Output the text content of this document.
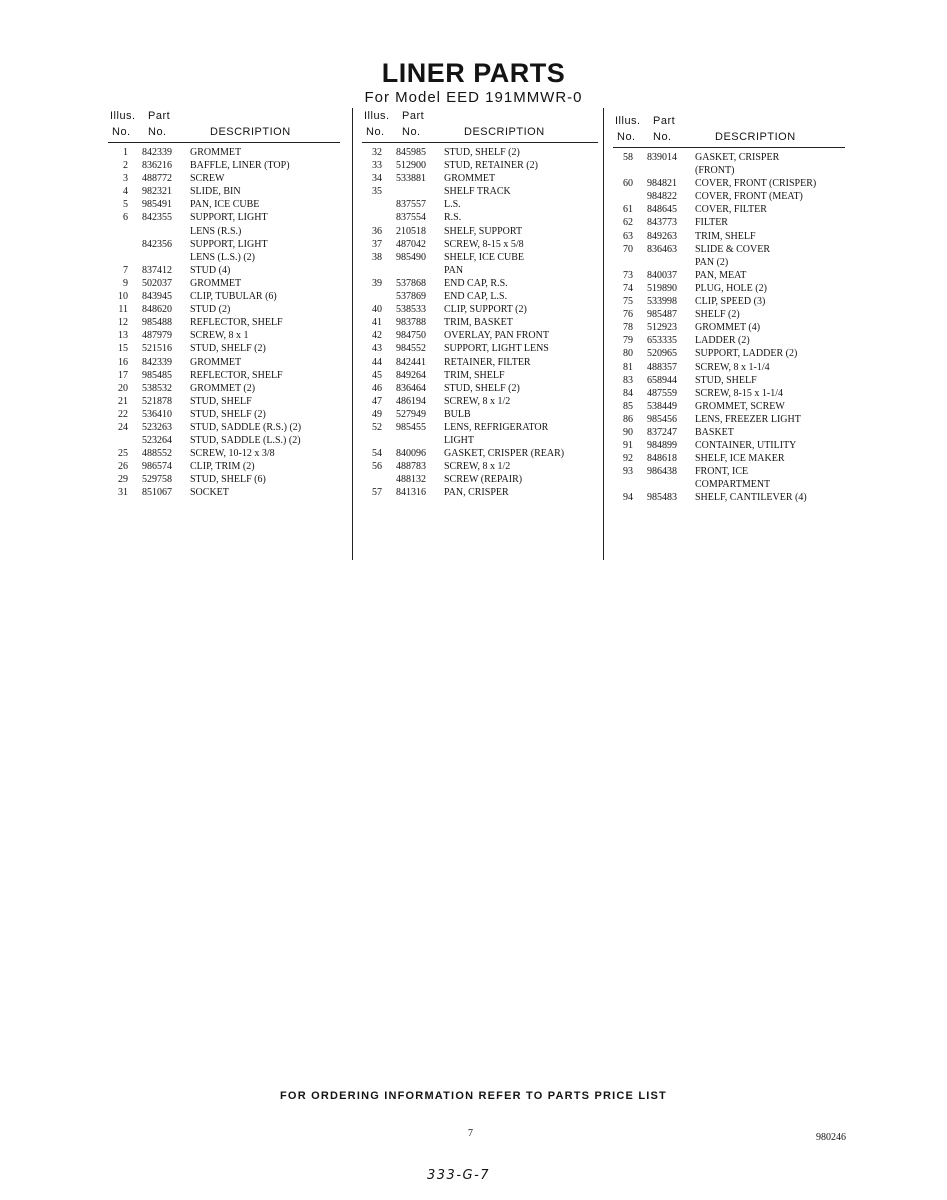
LINER PARTS
For Model EED 191MMWR-0
Illus. Part
No. No.	DESCRIPTION
1 842339 GROMMET
2 836216 BAFFLE, LINER (TOP)
3 488772 SCREW
4 982321 SLIDE, BIN
5 985491 PAN, ICE CUBE
6 842355 SUPPORT, LIGHT
LENS (R.S.)
842356 SUPPORT, LIGHT
LENS (L.S.) (2)
7 837412 STUD (4)
9 502037 GROMMET
10 843945 CLIP, TUBULAR (6)
11 848620 STUD (2)
12 985488 REFLECTOR, SHELF
13 487979 SCREW, 8 x 1
15 521516 STUD, SHELF (2)
16 842339 GROMMET
17 985485 REFLECTOR, SHELF
20 538532 GROMMET (2)
21 521878 STUD, SHELF
22 536410 STUD, SHELF (2)
24 523263 STUD, SADDLE (R.S.) (2)
523264 STUD, SADDLE (L.S.) (2)
25 488552 SCREW, 10-12 x 3/8
26 986574 CLIP, TRIM (2)
29 529758 STUD, SHELF (6)
31 851067 SOCKET
Illus. Part
No. No.	DESCRIPTION
32 845985 STUD, SHELF (2)
33 512900 STUD, RETAINER (2)
34 533881 GROMMET
35	SHELF TRACK
837557 L.S.
837554 R.S.
36 210518 SHELF, SUPPORT
37 487042 SCREW, 8-15 x 5/8
38 985490 SHELF, ICE CUBE
PAN
39 537868 END CAP, R.S.
537869 END CAP, L.S.
40 538533 CLIP, SUPPORT (2)
41 983788 TRIM, BASKET
42 984750 OVERLAY, PAN FRONT
43 984552 SUPPORT, LIGHT LENS
44 842441 RETAINER, FILTER
45 849264 TRIM, SHELF
46 836464 STUD, SHELF (2)
47 486194 SCREW, 8 x 1/2
49 527949 BULB
52 985455 LENS, REFRIGERATOR
LIGHT
54 840096 GASKET, CRISPER (REAR)
56 488783 SCREW, 8 x 1/2
488132 SCREW (REPAIR)
57 841316 PAN, CRISPER
Illus. Part
No. No.	DESCRIPTION
58 839014 GASKET, CRISPER
(FRONT)
60 984821 COVER, FRONT (CRISPER)
984822 COVER, FRONT (MEAT)
61 848645 COVER, FILTER
62 843773 FILTER
63 849263 TRIM, SHELF
70 836463 SLIDE & COVER
PAN (2)
73 840037 PAN, MEAT
74 519890 PLUG, HOLE (2)
75 533998 CLIP, SPEED (3)
76 985487 SHELF (2)
78 512923 GROMMET (4)
79 653335 LADDER (2)
80 520965 SUPPORT, LADDER (2)
81 488357 SCREW, 8 x 1-1/4
83 658944 STUD, SHELF
84 487559 SCREW, 8-15 x 1-1/4
85 538449 GROMMET, SCREW
86 985456 LENS, FREEZER LIGHT
90 837247 BASKET
91 984899 CONTAINER, UTILITY
92 848618 SHELF, ICE MAKER
93 986438 FRONT, ICE
COMPARTMENT
94 985483 SHELF, CANTILEVER (4)
FOR ORDERING INFORMATION REFER TO PARTS PRICE LIST
7	980246
333-G-7
